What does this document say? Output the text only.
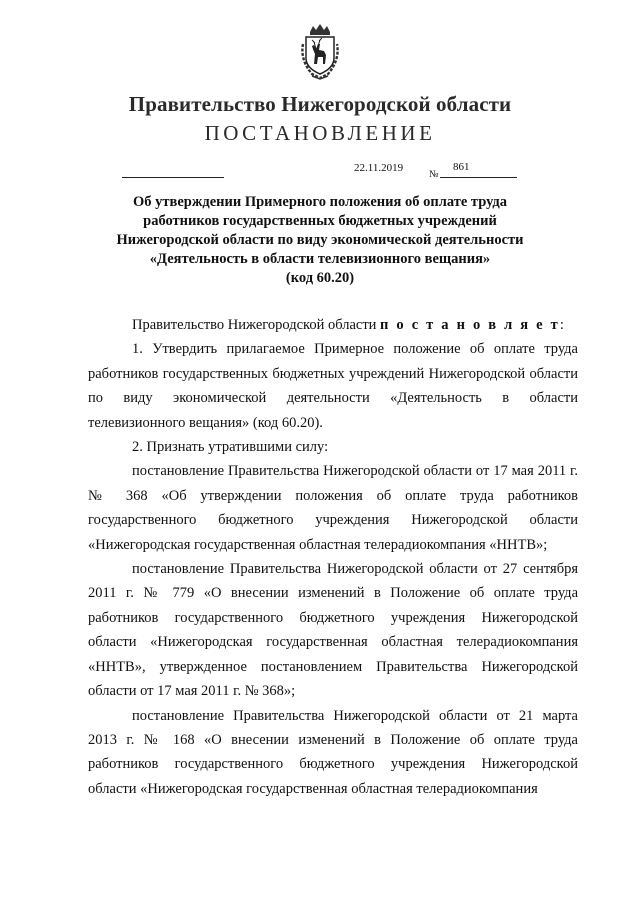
Правительство Нижегородской области
ПОСТАНОВЛЕНИЕ
22.11.2019
№
861
Об утверждении Примерного положения об оплате труда
работников государственных бюджетных учреждений
Нижегородской области по виду экономической деятельности
«Деятельность в области телевизионного вещания»
(код 60.20)

Правительство Нижегородской области п о с т а н о в л я е т:

1. Утвердить прилагаемое Примерное положение об оплате труда работников государственных бюджетных учреждений Нижегородской области по виду экономической деятельности «Деятельность в области телевизионного вещания» (код 60.20).

2. Признать утратившими силу:

постановление Правительства Нижегородской области от 17 мая 2011 г. № 368 «Об утверждении положения об оплате труда работников государственного бюджетного учреждения Нижегородской области «Нижегородская государственная областная телерадиокомпания «ННТВ»;

постановление Правительства Нижегородской области от 27 сентября 2011 г. № 779 «О внесении изменений в Положение об оплате труда работников государственного бюджетного учреждения Нижегородской области «Нижегородская государственная областная телерадиокомпания «ННТВ», утвержденное постановлением Правительства Нижегородской области от 17 мая 2011 г. № 368»;

постановление Правительства Нижегородской области от 21 марта 2013 г. № 168 «О внесении изменений в Положение об оплате труда работников государственного бюджетного учреждения Нижегородской области «Нижегородская государственная областная телерадиокомпания
